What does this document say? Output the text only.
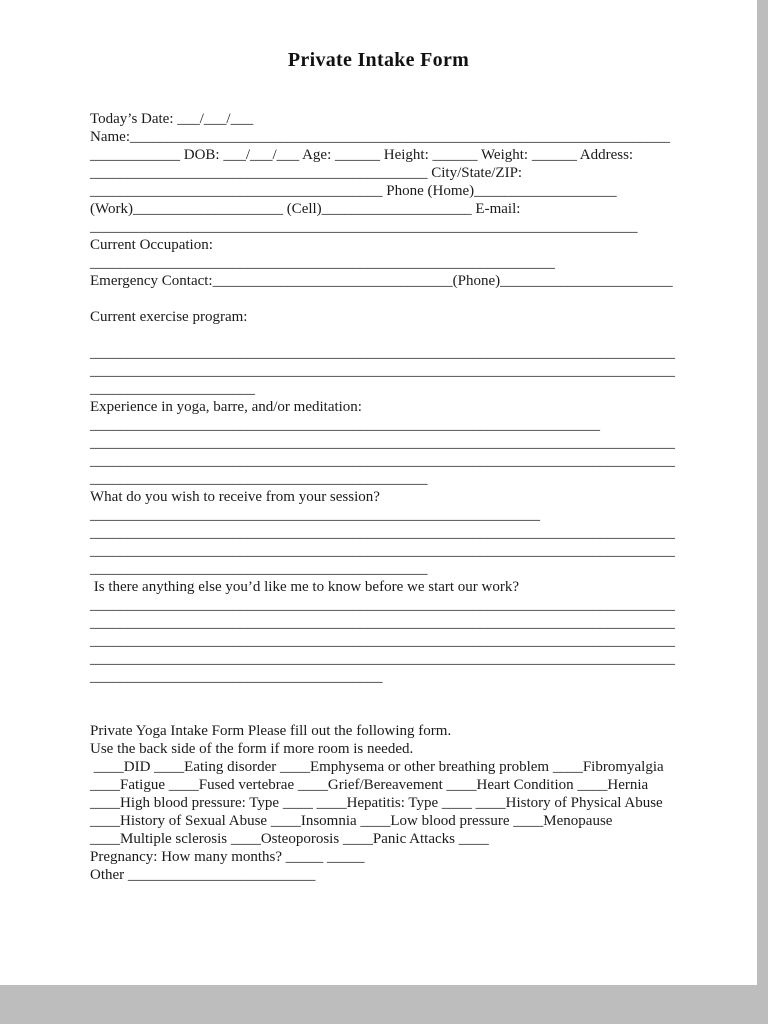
Private Intake Form
Today’s Date: ___/___/___
Name:________________________________________________________________________
____________ DOB: ___/___/___ Age: ______ Height: ______ Weight: ______ Address:
_____________________________________________ City/State/ZIP:
_______________________________________ Phone (Home)___________________
(Work)____________________ (Cell)____________________ E-mail:
_________________________________________________________________________
Current Occupation:
______________________________________________________________
Emergency Contact:________________________________(Phone)_______________________

Current exercise program:

______________________________________________________________________________
______________________________________________________________________________
______________________
Experience in yoga, barre, and/or meditation:
____________________________________________________________________
______________________________________________________________________________
______________________________________________________________________________
_____________________________________________
What do you wish to receive from your session?
____________________________________________________________
______________________________________________________________________________
______________________________________________________________________________
_____________________________________________
Is there anything else you’d like me to know before we start our work?
______________________________________________________________________________
______________________________________________________________________________
______________________________________________________________________________
______________________________________________________________________________
_______________________________________

Private Yoga Intake Form Please fill out the following form.
Use the back side of the form if more room is needed.
____DID ____Eating disorder ____Emphysema or other breathing problem ____Fibromyalgia
____Fatigue ____Fused vertebrae ____Grief/Bereavement ____Heart Condition ____Hernia
____High blood pressure: Type ____ ____Hepatitis: Type ____ ____History of Physical Abuse
____History of Sexual Abuse ____Insomnia ____Low blood pressure ____Menopause
____Multiple sclerosis ____Osteoporosis ____Panic Attacks ____
Pregnancy: How many months? _____ _____
Other _________________________
